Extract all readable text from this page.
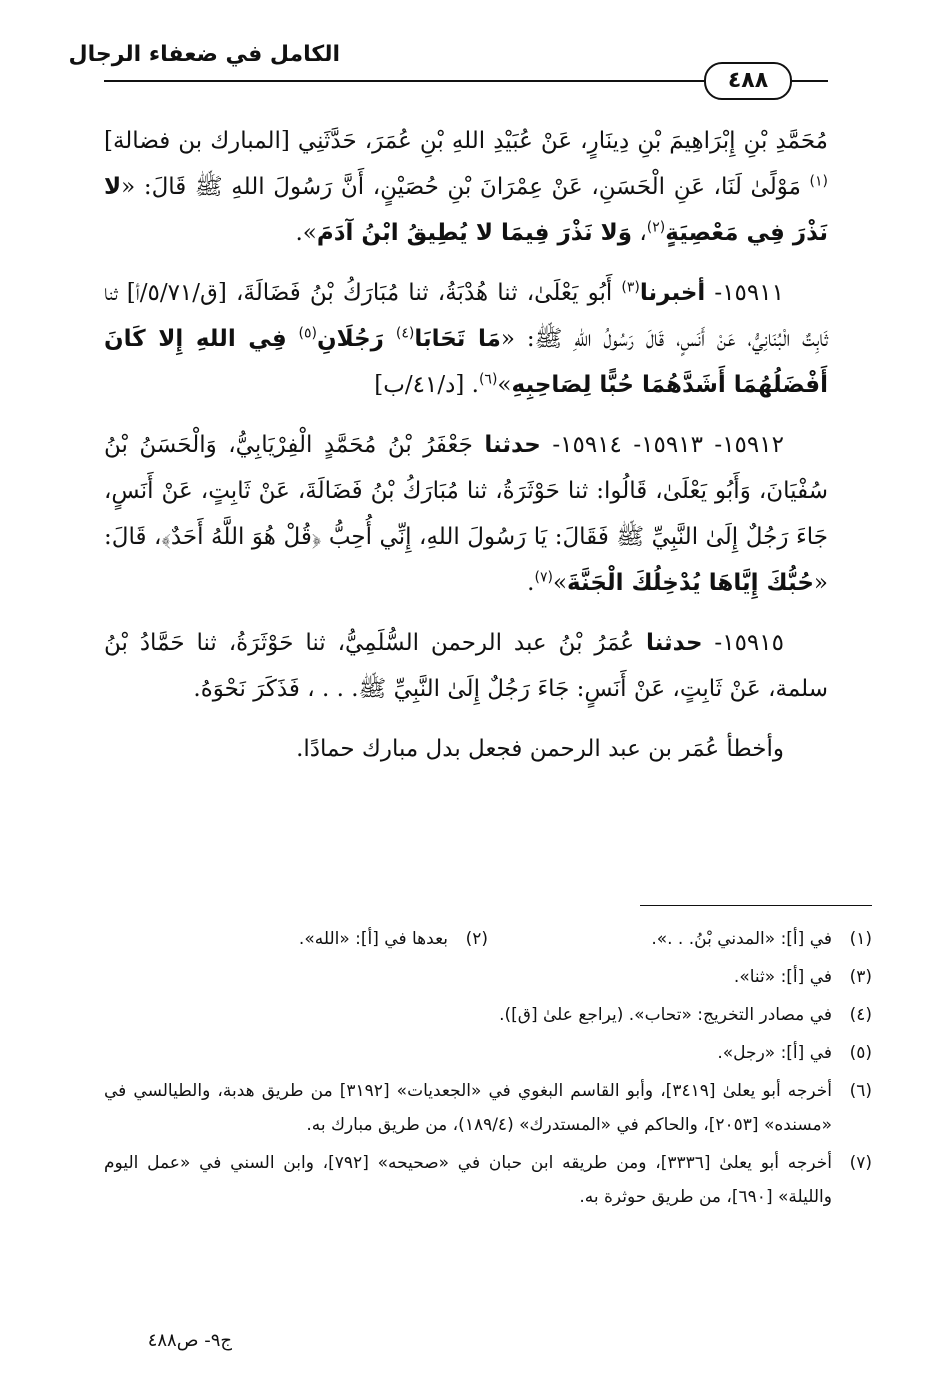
الكامل في ضعفاء الرجال
٤٨٨

مُحَمَّدِ بْنِ إِبْرَاهِيمَ بْنِ دِينَارٍ، عَنْ عُبَيْدِ اللهِ بْنِ عُمَرَ، حَدَّثَنِي [المبارك بن فضالة]$^{(١)}$ مَوْلًىٰ لَنَا، عَنِ الْحَسَنِ، عَنْ عِمْرَانَ بْنِ حُصَيْنٍ، أَنَّ رَسُولَ اللهِ ﷺ قَالَ: «لا نَذْرَ فِي مَعْصِيَةٍ$^{(٢)}$، وَلا نَذْرَ فِيمَا لا يُطِيقُ ابْنُ آدَمَ».

١٥٩١١- أخبرنا$^{(٣)}$ أَبُو يَعْلَىٰ، ثنا هُدْبَةُ، ثنا مُبَارَكُ بْنُ فَضَالَةَ، [ق/٥/٧١/أ] ثنا ثَابِتٌ الْبُنَانِيُّ، عَنْ أَنَسٍ، قَالَ رَسُولُ اللهِ ﷺ: «مَا تَحَابَا$^{(٤)}$ رَجُلَانِ$^{(٥)}$ فِي اللهِ إِلا كَانَ أَفْضَلُهُمَا أَشَدَّهُمَا حُبًّا لِصَاحِبِهِ»$^{(٦)}$. [د/٤١/ب]

١٥٩١٢- ١٥٩١٣- ١٥٩١٤- حدثنا جَعْفَرُ بْنُ مُحَمَّدٍ الْفِرْيَابِيُّ، وَالْحَسَنُ بْنُ سُفْيَانَ، وَأَبُو يَعْلَىٰ، قَالُوا: ثنا حَوْثَرَةُ، ثنا مُبَارَكُ بْنُ فَضَالَةَ، عَنْ ثَابِتٍ، عَنْ أَنَسٍ، جَاءَ رَجُلٌ إِلَىٰ النَّبِيِّ ﷺ فَقَالَ: يَا رَسُولَ اللهِ، إِنِّي أُحِبُّ ﴿قُلْ هُوَ اللَّهُ أَحَدٌ﴾، قَالَ: «حُبُّكَ إِيَّاهَا يُدْخِلُكَ الْجَنَّةَ»$^{(٧)}$.

١٥٩١٥- حدثنا عُمَرُ بْنُ عبد الرحمن السُّلَمِيُّ، ثنا حَوْثَرَةُ، ثنا حَمَّادُ بْنُ سلمة، عَنْ ثَابِتٍ، عَنْ أَنَسٍ: جَاءَ رَجُلٌ إِلَىٰ النَّبِيِّ ﷺ. . . ، فَذَكَرَ نَحْوَهُ.

وأخطأ عُمَر بن عبد الرحمن فجعل بدل مبارك حمادًا.

(١)
في [أ]: «المدني بْنُ. . .».
(٢)
بعدها في [أ]: «الله».
(٣)
في [أ]: «ثنا».
(٤)
في مصادر التخريج: «تحاب». (يراجع علىٰ [ق]).
(٥)
في [أ]: «رجل».
(٦)
أخرجه أبو يعلىٰ [٣٤١٩]، وأبو القاسم البغوي في «الجعديات» [٣١٩٢] من طريق هدبة، والطيالسي في «مسنده» [٢٠٥٣]، والحاكم في «المستدرك» (١٨٩/٤)، من طريق مبارك به.
(٧)
أخرجه أبو يعلىٰ [٣٣٣٦]، ومن طريقه ابن حبان في «صحيحه» [٧٩٢]، وابن السني في «عمل اليوم والليلة» [٦٩٠]، من طريق حوثرة به.
ج٩- ص٤٨٨
